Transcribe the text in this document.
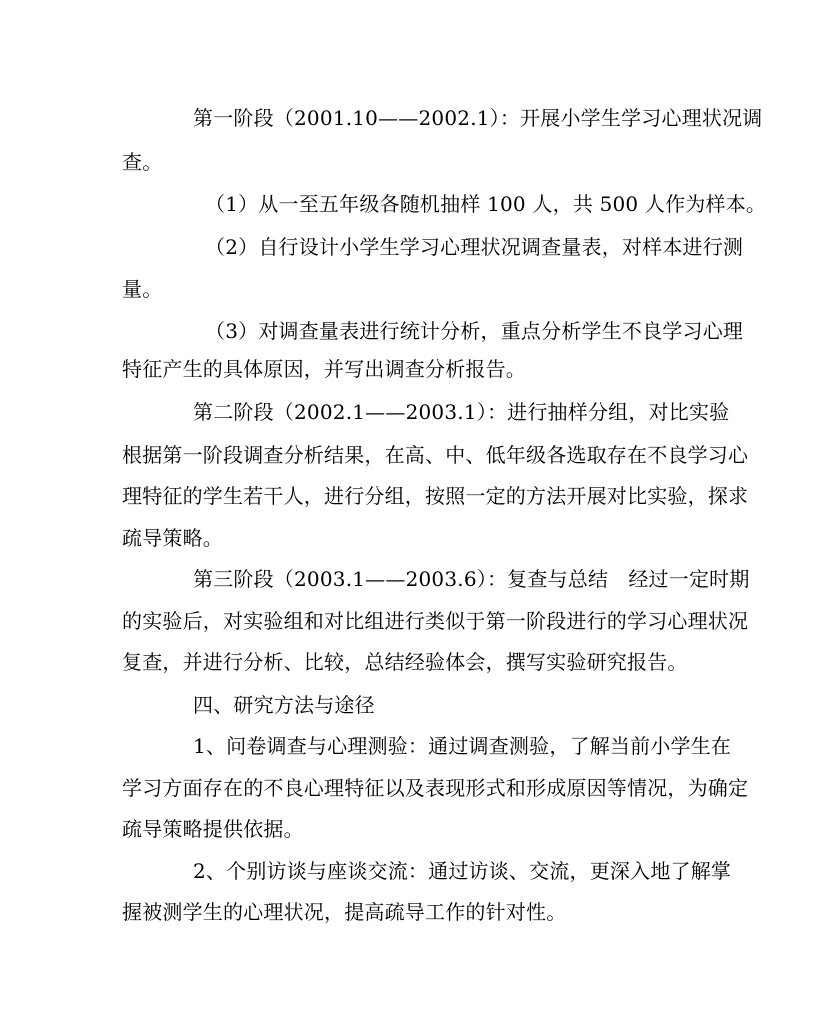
第一阶段（2001.10——2002.1）：开展小学生学习心理状况调
查。
（1）从一至五年级各随机抽样 100 人，共 500 人作为样本。
（2）自行设计小学生学习心理状况调查量表，对样本进行测
量。
（3）对调查量表进行统计分析，重点分析学生不良学习心理
特征产生的具体原因，并写出调查分析报告。
第二阶段（2002.1——2003.1）：进行抽样分组，对比实验
根据第一阶段调查分析结果，在高、中、低年级各选取存在不良学习心
理特征的学生若干人，进行分组，按照一定的方法开展对比实验，探求
疏导策略。
第三阶段（2003.1——2003.6）：复查与总结　经过一定时期
的实验后，对实验组和对比组进行类似于第一阶段进行的学习心理状况
复查，并进行分析、比较，总结经验体会，撰写实验研究报告。
四、研究方法与途径
1、问卷调查与心理测验：通过调查测验，了解当前小学生在
学习方面存在的不良心理特征以及表现形式和形成原因等情况，为确定
疏导策略提供依据。
2、个别访谈与座谈交流：通过访谈、交流，更深入地了解掌
握被测学生的心理状况，提高疏导工作的针对性。
